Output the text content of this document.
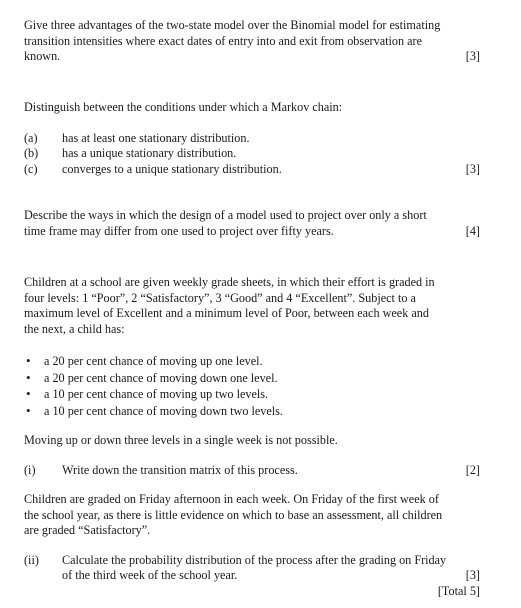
Give three advantages of the two-state model over the Binomial model for estimating
transition intensities where exact dates of entry into and exit from observation are
known.	[3]
Distinguish between the conditions under which a Markov chain:
(a)	has at least one stationary distribution.
(b)	has a unique stationary distribution.
(c)	converges to a unique stationary distribution.	[3]
Describe the ways in which the design of a model used to project over only a short
time frame may differ from one used to project over fifty years.	[4]
Children at a school are given weekly grade sheets, in which their effort is graded in
four levels: 1 “Poor”, 2 “Satisfactory”, 3 “Good” and 4 “Excellent”. Subject to a
maximum level of Excellent and a minimum level of Poor, between each week and
the next, a child has:
•	a 20 per cent chance of moving up one level.
•	a 20 per cent chance of moving down one level.
•	a 10 per cent chance of moving up two levels.
•	a 10 per cent chance of moving down two levels.
Moving up or down three levels in a single week is not possible.
(i)	Write down the transition matrix of this process.	[2]
Children are graded on Friday afternoon in each week. On Friday of the first week of
the school year, as there is little evidence on which to base an assessment, all children
are graded “Satisfactory”.
(ii)	Calculate the probability distribution of the process after the grading on Friday
of the third week of the school year.	[3]
[Total 5]
